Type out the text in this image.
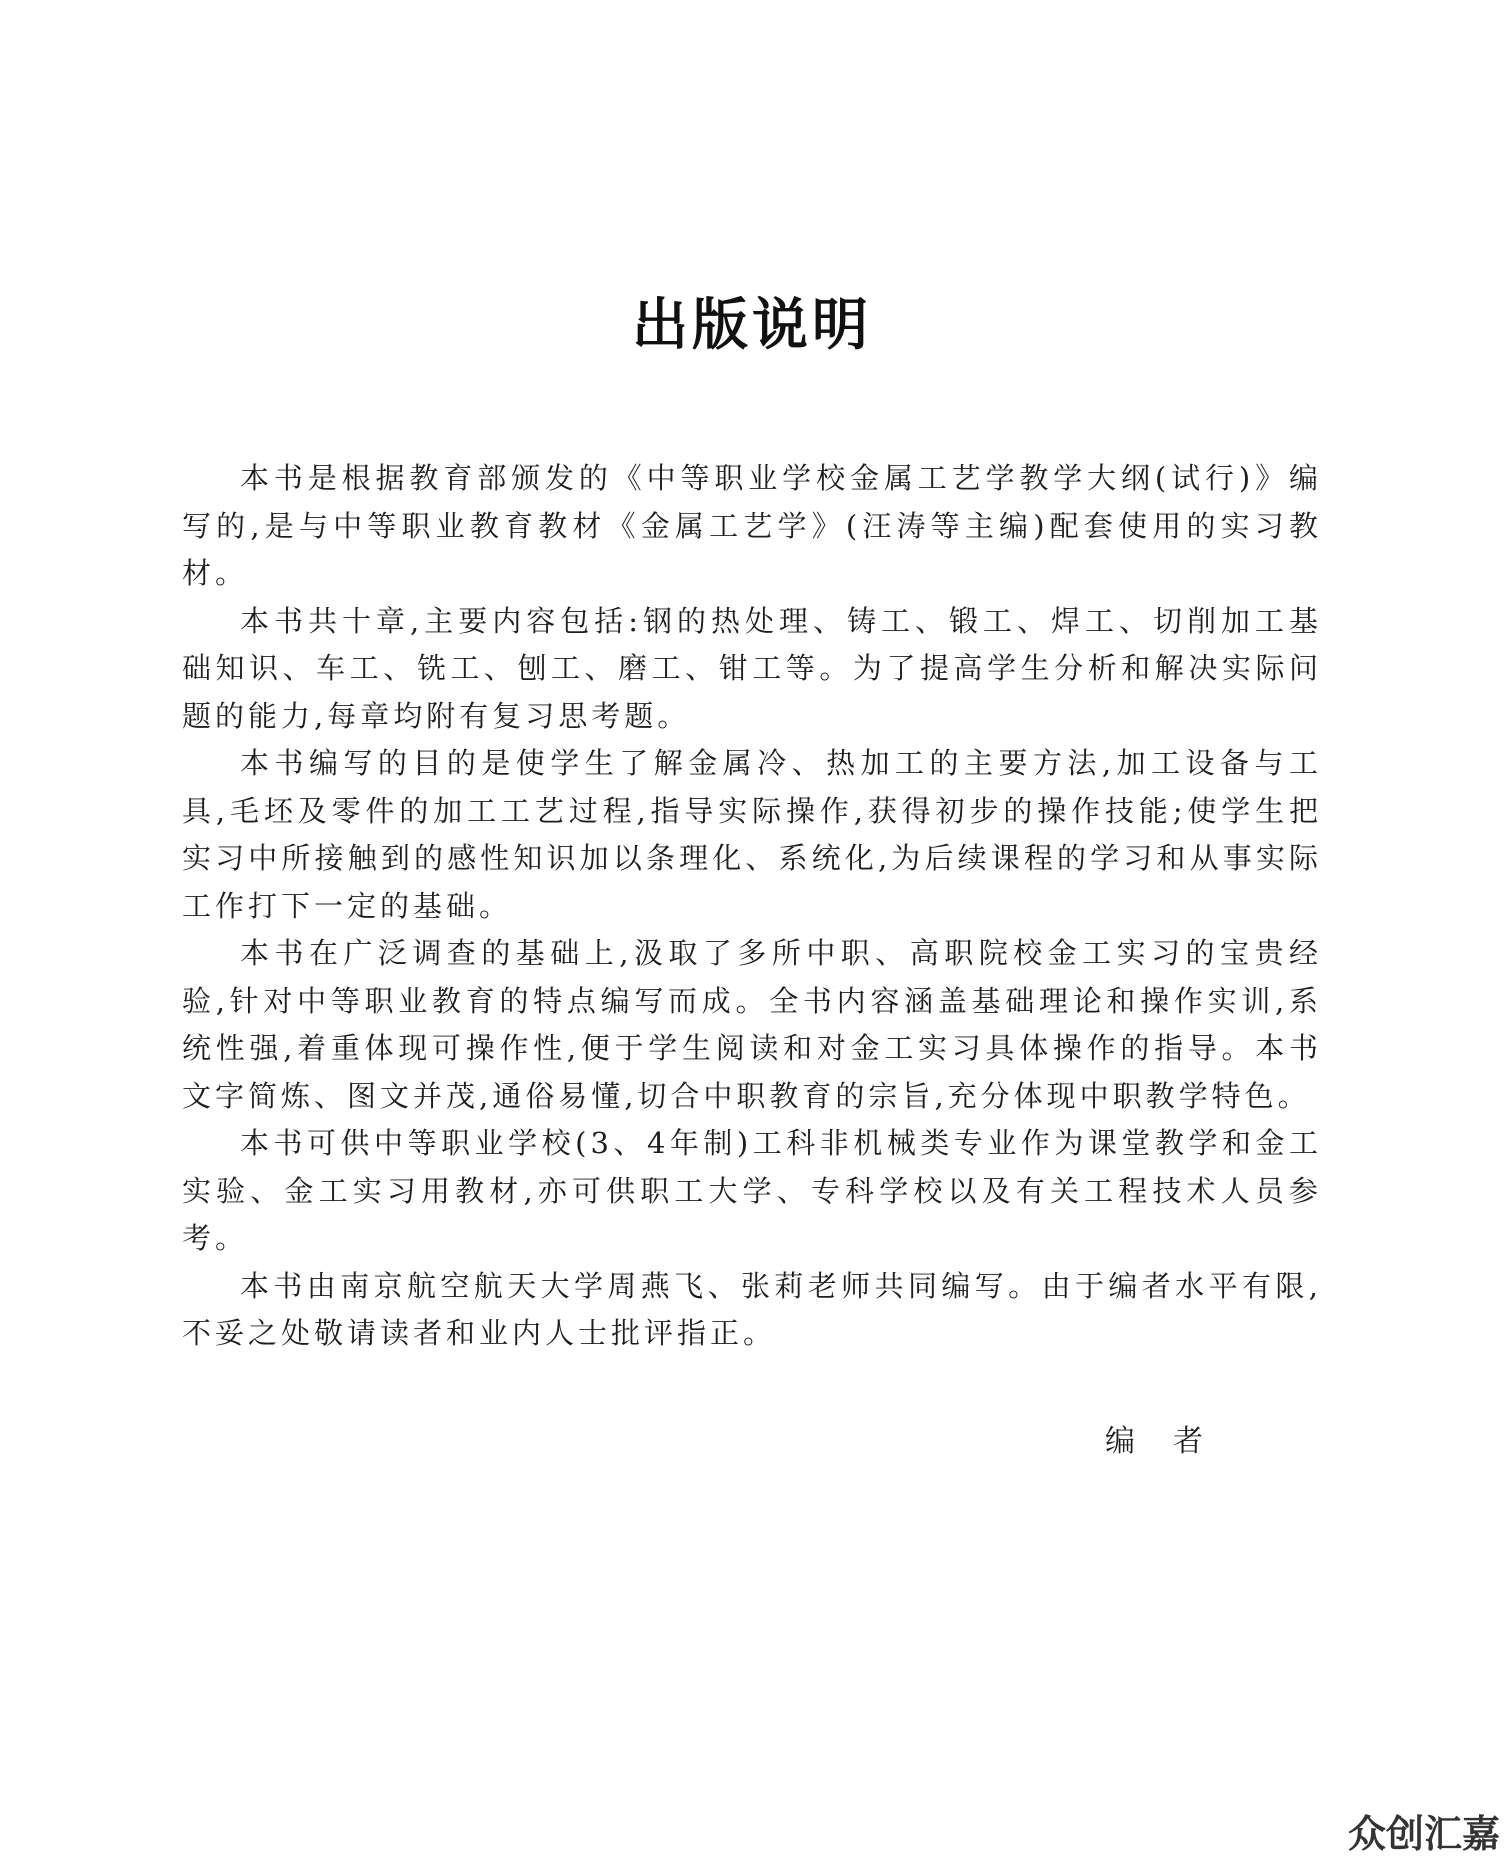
出版说明

本书是根据教育部颁发的《中等职业学校金属工艺学教学大纲(试行)》编写的,是与中等职业教育教材《金属工艺学》(汪涛等主编)配套使用的实习教材。

本书共十章,主要内容包括:钢的热处理、铸工、锻工、焊工、切削加工基础知识、车工、铣工、刨工、磨工、钳工等。为了提高学生分析和解决实际问题的能力,每章均附有复习思考题。

本书编写的目的是使学生了解金属冷、热加工的主要方法,加工设备与工具,毛坯及零件的加工工艺过程,指导实际操作,获得初步的操作技能;使学生把实习中所接触到的感性知识加以条理化、系统化,为后续课程的学习和从事实际工作打下一定的基础。

本书在广泛调查的基础上,汲取了多所中职、高职院校金工实习的宝贵经验,针对中等职业教育的特点编写而成。全书内容涵盖基础理论和操作实训,系统性强,着重体现可操作性,便于学生阅读和对金工实习具体操作的指导。本书文字简炼、图文并茂,通俗易懂,切合中职教育的宗旨,充分体现中职教学特色。

本书可供中等职业学校(3、4年制)工科非机械类专业作为课堂教学和金工实验、金工实习用教材,亦可供职工大学、专科学校以及有关工程技术人员参考。

本书由南京航空航天大学周燕飞、张莉老师共同编写。由于编者水平有限,不妥之处敬请读者和业内人士批评指正。

编者
众创汇嘉
